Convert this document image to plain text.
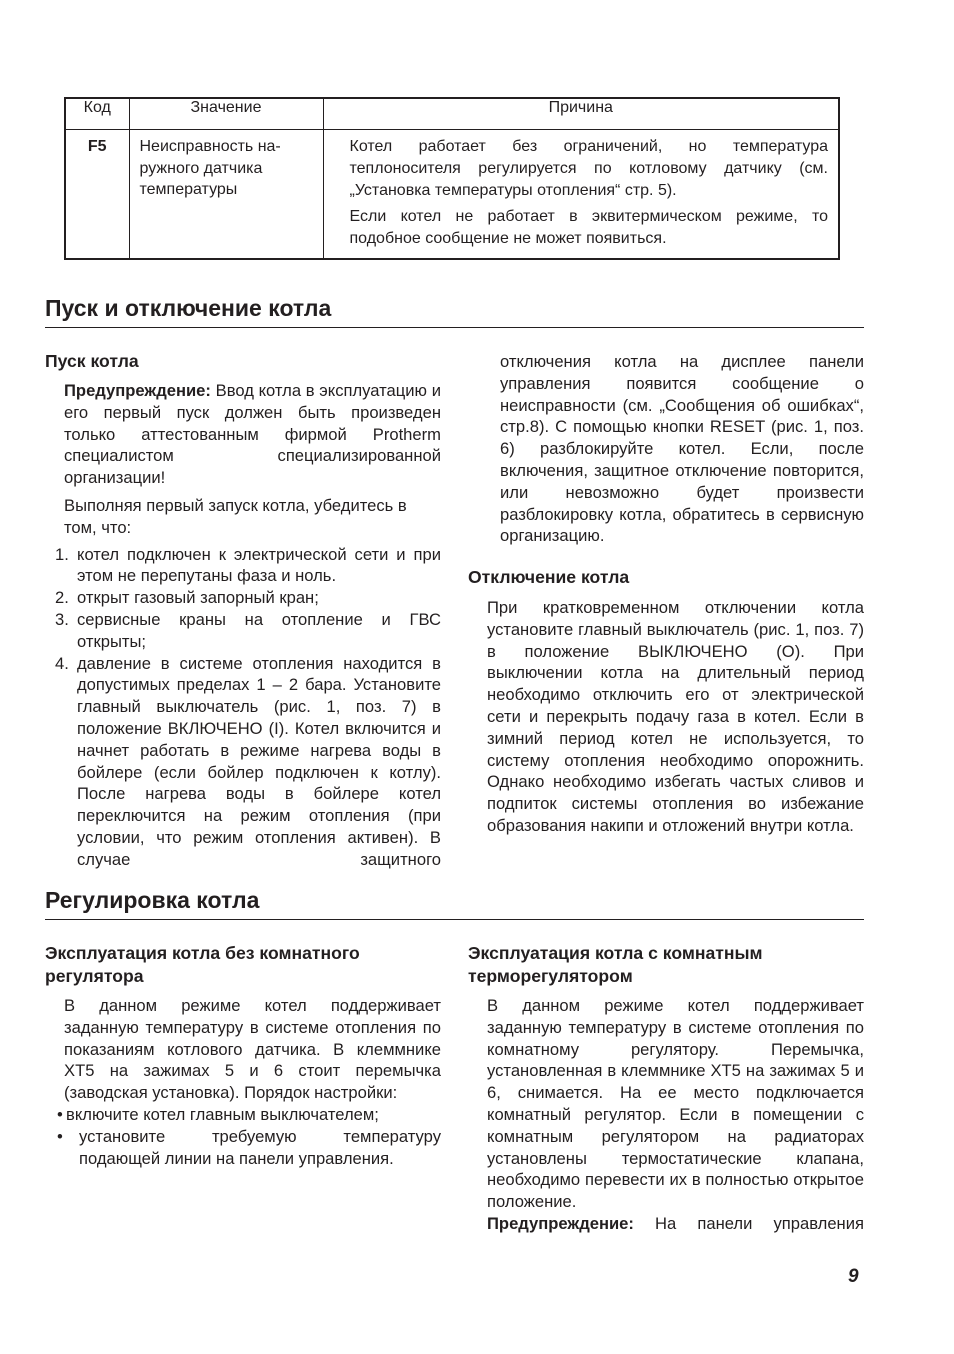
Код	Значение	Причина
F5	Неисправность на-ружного датчика температуры	Котел работает без ограничений, но температура теплоносителя регулируется по котловому датчику (см. „Установка температуры отопления“ стр. 5).

Если котел не работает в эквитермическом режиме, то подобное сообщение не может появиться.

Пуск и отключение котла
Пуск котла

Предупреждение: Ввод котла в эксплуатацию и его первый пуск должен быть произведен только аттестованным фирмой Protherm специалистом специализированной организации!

Выполняя первый запуск котла, убедитесь в том, что:

1. котел подключен к электрической сети и при этом не перепутаны фаза и ноль.
2. открыт газовый запорный кран;
3. сервисные краны на отопление и ГВС открыты;
4. давление в системе отопления находится в допустимых пределах 1 – 2 бара. Установите главный выключатель (рис. 1, поз. 7) в положение ВКЛЮЧЕНО (I). Котел включится и начнет работать в режиме нагрева воды в бойлере (если бойлер подключен к котлу). После нагрева воды в бойлере котел переключится на режим отопления (при условии, что режим отопления активен). В случае защитного

отключения котла на дисплее панели управления появится сообщение о неисправности (см. „Сообщения об ошибках“, стр.8). С помощью кнопки RESET (рис. 1, поз. 6) разблокируйте котел. Если, после включения, защитное отключение повторится, или невозможно будет произвести разблокировку котла, обратитесь в сервисную организацию.

Отключение котла

При кратковременном отключении котла установите главный выключатель (рис. 1, поз. 7) в положение ВЫКЛЮЧЕНО (O). При выключении котла на длительный период необходимо отключить его от электрической сети и перекрыть подачу газа в котел. Если в зимний период котел не используется, то систему отопления необходимо опорожнить. Однако необходимо избегать частых сливов и подпиток системы отопления во избежание образования накипи и отложений внутри котла.

Регулировка котла
Эксплуатация котла без комнатного регулятора

В данном режиме котел поддерживает заданную температуру в системе отопления по показаниям котлового датчика. В клеммнике XT5 на зажимах 5 и 6 стоит перемычка (заводская установка). Порядок настройки:

• включите котел главным выключателем;
• установите требуемую температуру подающей линии на панели управления.
Эксплуатация котла с комнатным терморегулятором

В данном режиме котел поддерживает заданную температуру в системе отопления по комнатному регулятору. Перемычка, установленная в клеммнике XT5 на зажимах 5 и 6, снимается. На ее место подключается комнатный регулятор. Если в помещении с комнатным регулятором на радиаторах установлены термостатические клапана, необходимо перевести их в полностью открытое положение.

Предупреждение: На панели управления

9
